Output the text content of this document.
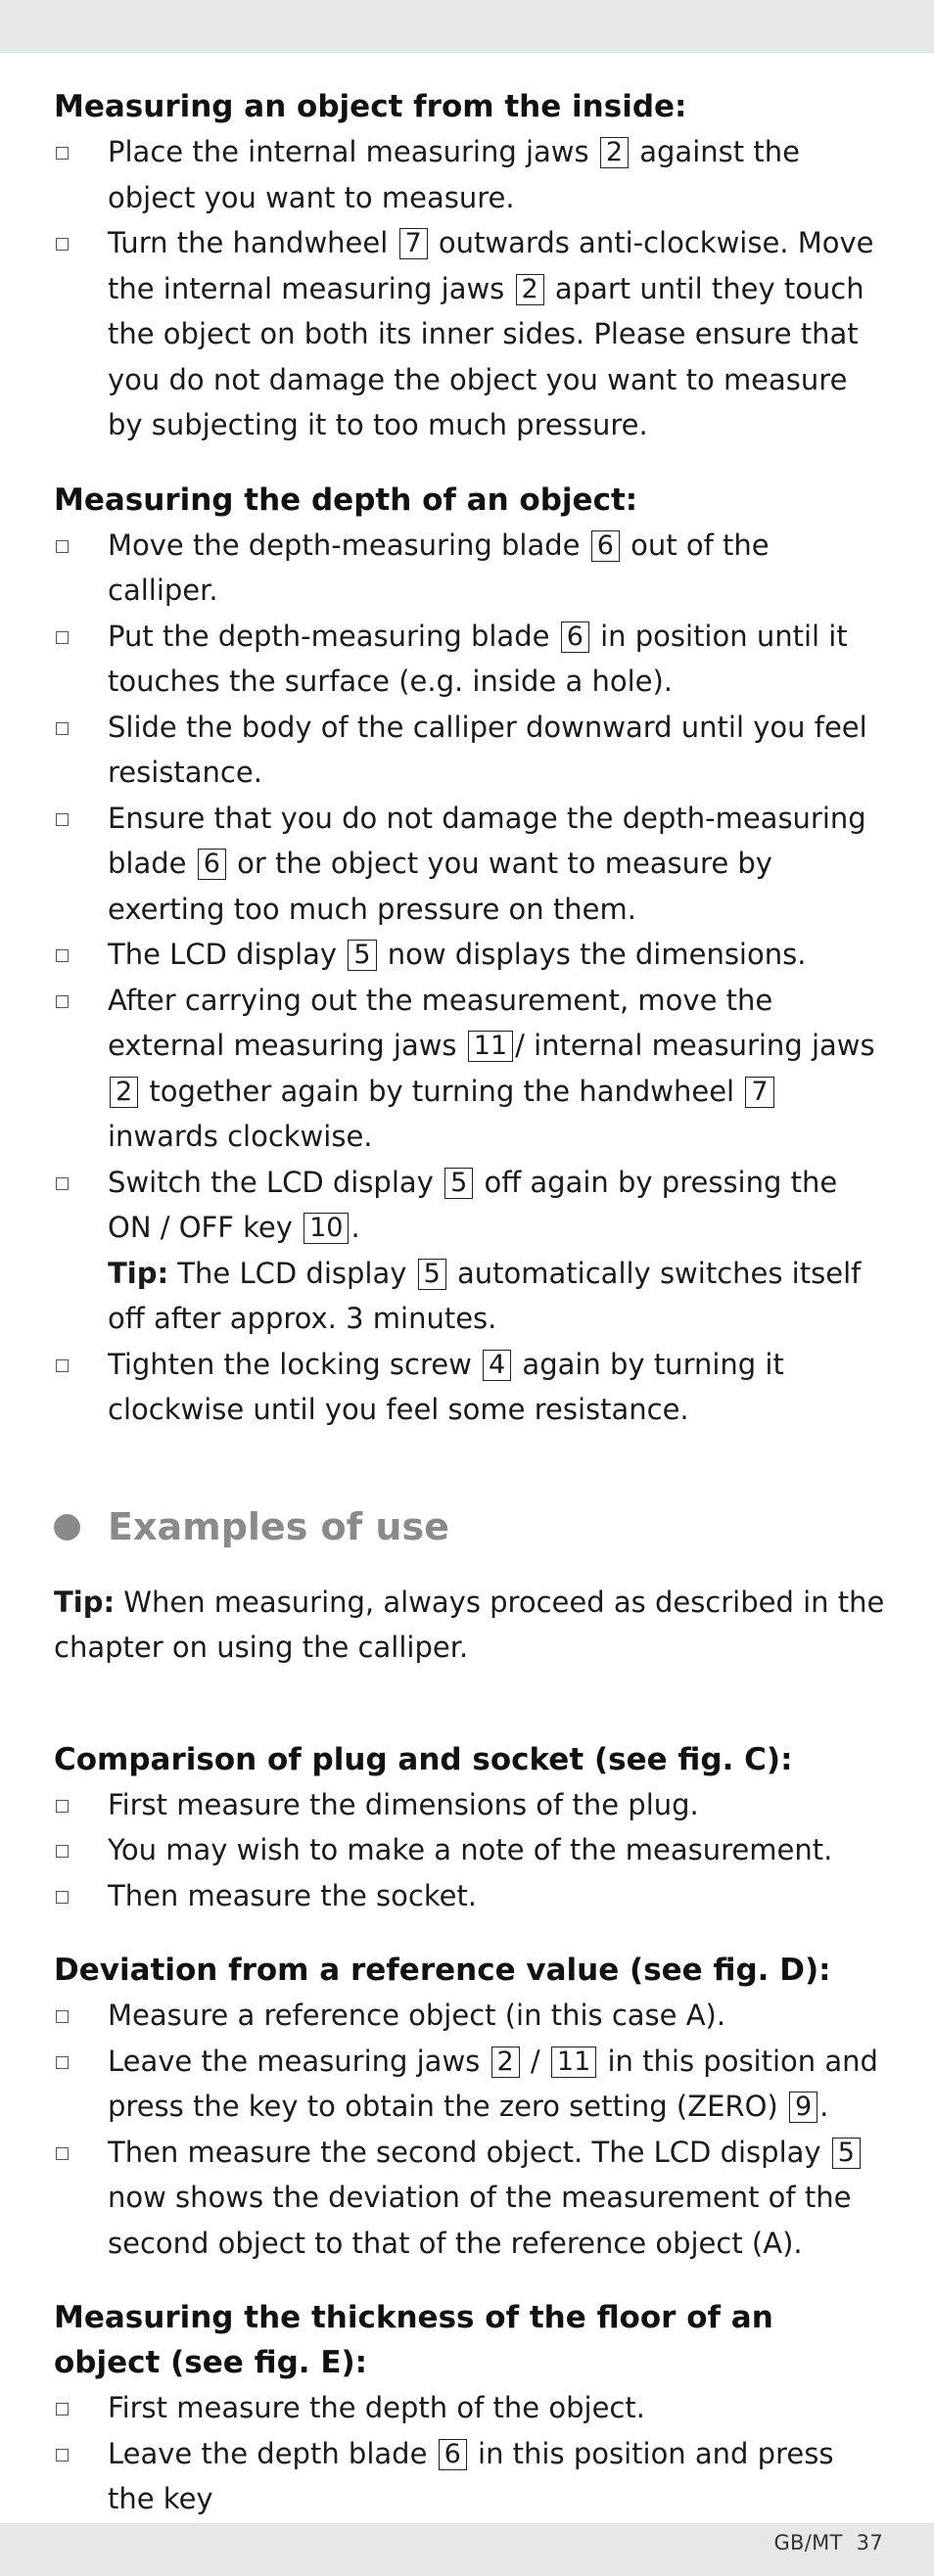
Measuring an object from the inside:
Place the internal measuring jaws 2 against the object you want to measure.
Turn the handwheel 7 outwards anti-clockwise. Move the internal measuring jaws 2 apart until they touch the object on both its inner sides. Please ensure that you do not damage the object you want to measure by subjecting it to too much pressure.
Measuring the depth of an object:
Move the depth-measuring blade 6 out of the calliper.
Put the depth-measuring blade 6 in position until it touches the surface (e.g. inside a hole).
Slide the body of the calliper downward until you feel resistance.
Ensure that you do not damage the depth-measuring blade 6 or the object you want to measure by exerting too much pressure on them.
The LCD display 5 now displays the dimensions.
After carrying out the measurement, move the external measuring jaws 11 / internal measuring jaws 2 together again by turning the handwheel 7 inwards clockwise.
Switch the LCD display 5 off again by pressing the ON / OFF key 10 .
Tip: The LCD display 5 automatically switches itself off after approx. 3 minutes.
Tighten the locking screw 4 again by turning it clockwise until you feel some resistance.
Examples of use

Tip: When measuring, always proceed as described in the chapter on using the calliper.

Comparison of plug and socket (see fig. C):
First measure the dimensions of the plug.
You may wish to make a note of the measurement.
Then measure the socket.
Deviation from a reference value (see fig. D):
Measure a reference object (in this case A).
Leave the measuring jaws 2 / 11 in this position and press the key to obtain the zero setting (ZERO) 9 .
Then measure the second object. The LCD display 5 now shows the deviation of the measurement of the second object to that of the reference object (A).
Measuring the thickness of the floor of an object (see fig. E):
First measure the depth of the object.
Leave the depth blade 6 in this position and press the key
GB/MT 37
